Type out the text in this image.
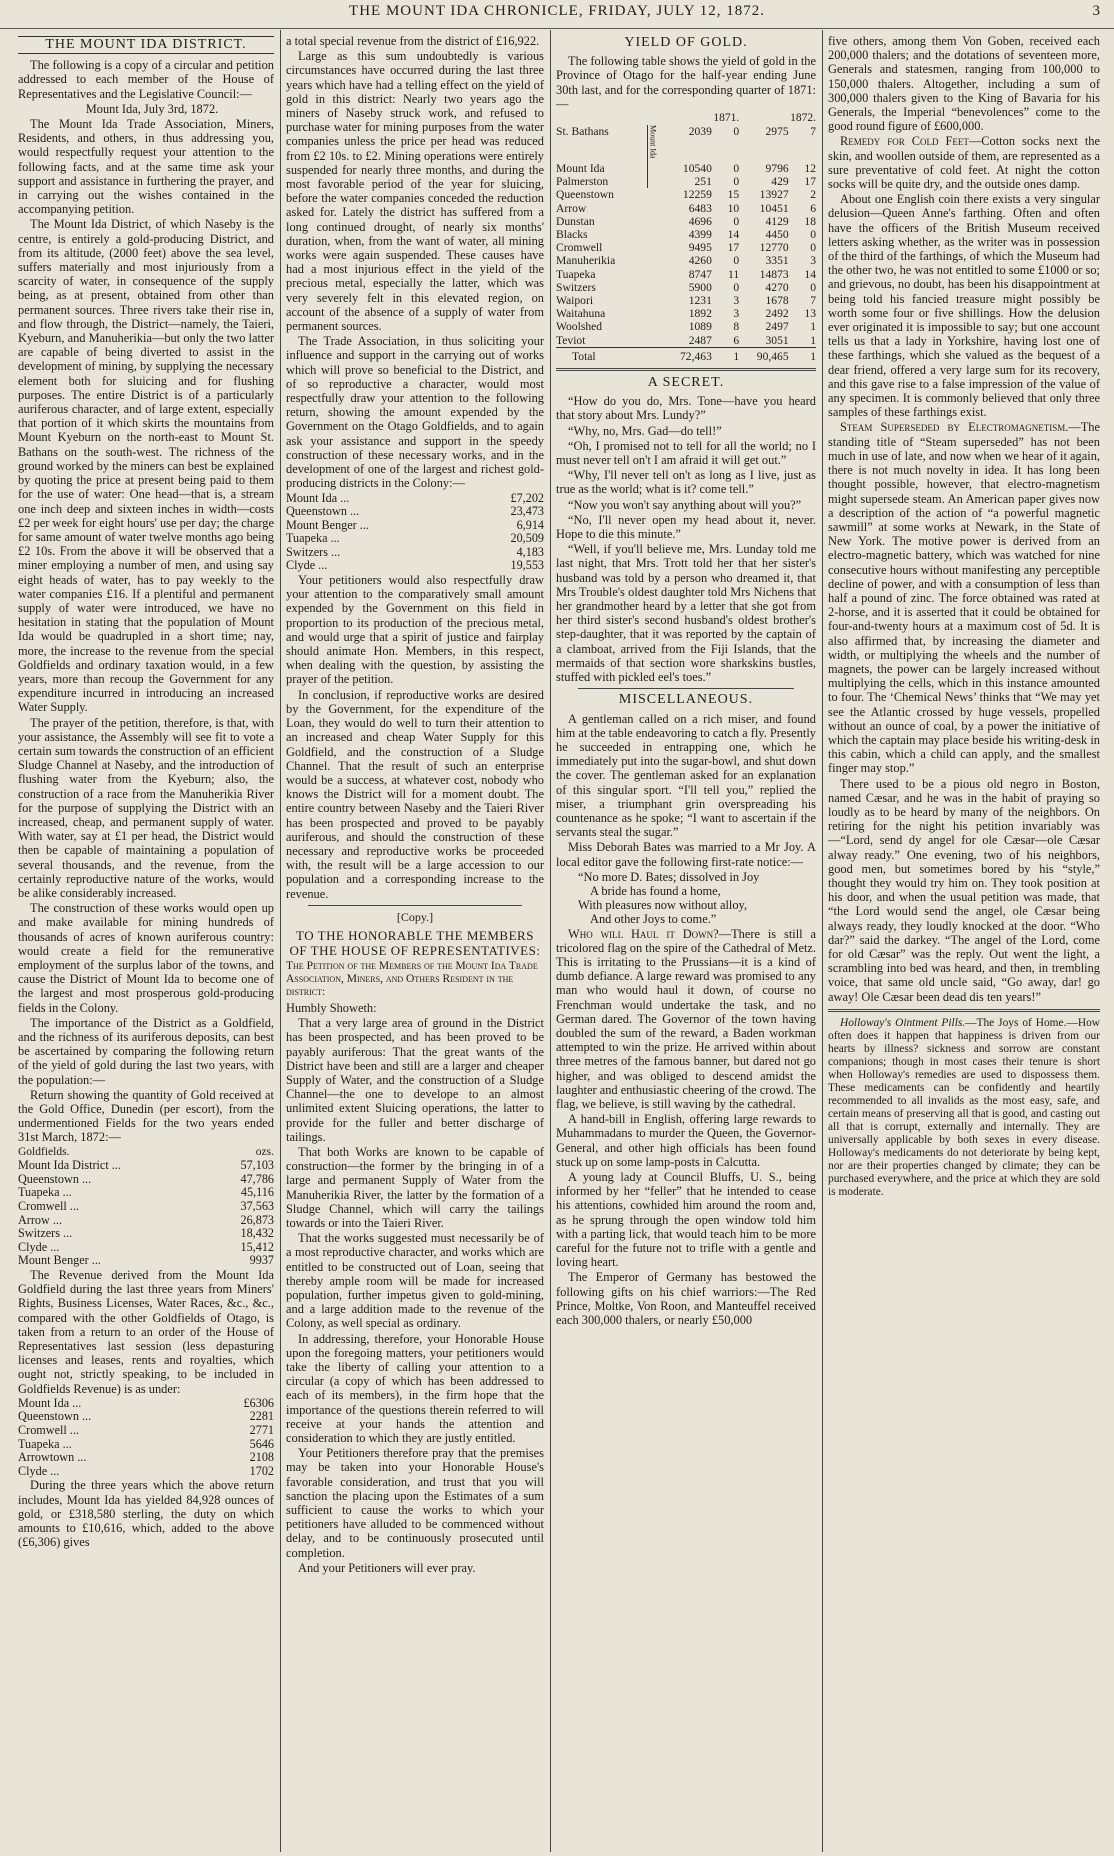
THE MOUNT IDA CHRONICLE, FRIDAY, JULY 12, 1872.	3
THE MOUNT IDA DISTRICT.

The following is a copy of a circular and petition addressed to each member of the House of Representatives and the Legislative Council:—

Mount Ida, July 3rd, 1872.

The Mount Ida Trade Association, Miners, Residents, and others, in thus addressing you, would respectfully request your attention to the following facts, and at the same time ask your support and assistance in furthering the prayer, and in carrying out the wishes contained in the accompanying petition.

The Mount Ida District, of which Naseby is the centre, is entirely a gold-producing District, and from its altitude, (2000 feet) above the sea level, suffers materially and most injuriously from a scarcity of water, in consequence of the supply being, as at present, obtained from other than permanent sources. Three rivers take their rise in, and flow through, the District—namely, the Taieri, Kyeburn, and Manuherikia—but only the two latter are capable of being diverted to assist in the development of mining, by supplying the necessary element both for sluicing and for flushing purposes. The entire District is of a particularly auriferous character, and of large extent, especially that portion of it which skirts the mountains from Mount Kyeburn on the north-east to Mount St. Bathans on the south-west. The richness of the ground worked by the miners can best be explained by quoting the price at present being paid to them for the use of water: One head—that is, a stream one inch deep and sixteen inches in width—costs £2 per week for eight hours' use per day; the charge for same amount of water twelve months ago being £2 10s. From the above it will be observed that a miner employing a number of men, and using say eight heads of water, has to pay weekly to the water companies £16. If a plentiful and permanent supply of water were introduced, we have no hesitation in stating that the population of Mount Ida would be quadrupled in a short time; nay, more, the increase to the revenue from the special Goldfields and ordinary taxation would, in a few years, more than recoup the Government for any expenditure incurred in introducing an increased Water Supply.

The prayer of the petition, therefore, is that, with your assistance, the Assembly will see fit to vote a certain sum towards the construction of an efficient Sludge Channel at Naseby, and the introduction of flushing water from the Kyeburn; also, the construction of a race from the Manuherikia River for the purpose of supplying the District with an increased, cheap, and permanent supply of water. With water, say at £1 per head, the District would then be capable of maintaining a population of several thousands, and the revenue, from the certainly reproductive nature of the works, would be alike considerably increased.

The construction of these works would open up and make available for mining hundreds of thousands of acres of known auriferous country: would create a field for the remunerative employment of the surplus labor of the towns, and cause the District of Mount Ida to become one of the largest and most prosperous gold-producing fields in the Colony.

The importance of the District as a Goldfield, and the richness of its auriferous deposits, can best be ascertained by comparing the following return of the yield of gold during the last two years, with the population:—

Return showing the quantity of Gold received at the Gold Office, Dunedin (per escort), from the undermentioned Fields for the two years ended 31st March, 1872:—

Goldfields.	ozs.
Mount Ida District ...	57,103
Queenstown ...	47,786
Tuapeka ...	45,116
Cromwell ...	37,563
Arrow ...	26,873
Switzers ...	18,432
Clyde ...	15,412
Mount Benger ...	9937

The Revenue derived from the Mount Ida Goldfield during the last three years from Miners' Rights, Business Licenses, Water Races, &c., &c., compared with the other Goldfields of Otago, is taken from a return to an order of the House of Representatives last session (less depasturing licenses and leases, rents and royalties, which ought not, strictly speaking, to be included in Goldfields Revenue) is as under:

Mount Ida ...	£6306
Queenstown ...	2281
Cromwell ...	2771
Tuapeka ...	5646
Arrowtown ...	2108
Clyde ...	1702

During the three years which the above return includes, Mount Ida has yielded 84,928 ounces of gold, or £318,580 sterling, the duty on which amounts to £10,616, which, added to the above (£6,306) gives

a total special revenue from the district of £16,922.

Large as this sum undoubtedly is various circumstances have occurred during the last three years which have had a telling effect on the yield of gold in this district: Nearly two years ago the miners of Naseby struck work, and refused to purchase water for mining purposes from the water companies unless the price per head was reduced from £2 10s. to £2. Mining operations were entirely suspended for nearly three months, and during the most favorable period of the year for sluicing, before the water companies conceded the reduction asked for. Lately the district has suffered from a long continued drought, of nearly six months' duration, when, from the want of water, all mining works were again suspended. These causes have had a most injurious effect in the yield of the precious metal, especially the latter, which was very severely felt in this elevated region, on account of the absence of a supply of water from permanent sources.

The Trade Association, in thus soliciting your influence and support in the carrying out of works which will prove so beneficial to the District, and of so reproductive a character, would most respectfully draw your attention to the following return, showing the amount expended by the Government on the Otago Goldfields, and to again ask your assistance and support in the speedy construction of these necessary works, and in the development of one of the largest and richest gold-producing districts in the Colony:—

Mount Ida ...	£7,202
Queenstown ...	23,473
Mount Benger ...	6,914
Tuapeka ...	20,509
Switzers ...	4,183
Clyde ...	19,553

Your petitioners would also respectfully draw your attention to the comparatively small amount expended by the Government on this field in proportion to its production of the precious metal, and would urge that a spirit of justice and fairplay should animate Hon. Members, in this respect, when dealing with the question, by assisting the prayer of the petition.

In conclusion, if reproductive works are desired by the Government, for the expenditure of the Loan, they would do well to turn their attention to an increased and cheap Water Supply for this Goldfield, and the construction of a Sludge Channel. That the result of such an enterprise would be a success, at whatever cost, nobody who knows the District will for a moment doubt. The entire country between Naseby and the Taieri River has been prospected and proved to be payably auriferous, and should the construction of these necessary and reproductive works be proceeded with, the result will be a large accession to our population and a corresponding increase to the revenue.

[Copy.]
TO THE HONORABLE THE MEMBERS OF THE HOUSE OF REPRESENTATIVES:
The Petition of the Members of the Mount Ida Trade Association, Miners, and Others Resident in the district:

Humbly Showeth:

That a very large area of ground in the District has been prospected, and has been proved to be payably auriferous: That the great wants of the District have been and still are a larger and cheaper Supply of Water, and the construction of a Sludge Channel—the one to develope to an almost unlimited extent Sluicing operations, the latter to provide for the fuller and better discharge of tailings.

That both Works are known to be capable of construction—the former by the bringing in of a large and permanent Supply of Water from the Manuherikia River, the latter by the formation of a Sludge Channel, which will carry the tailings towards or into the Taieri River.

That the works suggested must necessarily be of a most reproductive character, and works which are entitled to be constructed out of Loan, seeing that thereby ample room will be made for increased population, further impetus given to gold-mining, and a large addition made to the revenue of the Colony, as well special as ordinary.

In addressing, therefore, your Honorable House upon the foregoing matters, your petitioners would take the liberty of calling your attention to a circular (a copy of which has been addressed to each of its members), in the firm hope that the importance of the questions therein referred to will receive at your hands the attention and consideration to which they are justly entitled.

Your Petitioners therefore pray that the premises may be taken into your Honorable House's favorable consideration, and trust that you will sanction the placing upon the Estimates of a sum sufficient to cause the works to which your petitioners have alluded to be commenced without delay, and to be continuously prosecuted until completion.

And your Petitioners will ever pray.

YIELD OF GOLD.

The following table shows the yield of gold in the Province of Otago for the half-year ending June 30th last, and for the corresponding quarter of 1871:—

		1871.		1872.	
St. Bathans	Mount Ida	2039	0	2975	7
Mount Ida		10540	0	9796	12
Palmerston		251	0	429	17
Queenstown		12259	15	13927	2
Arrow		6483	10	10451	6
Dunstan		4696	0	4129	18
Blacks		4399	14	4450	0
Cromwell		9495	17	12770	0
Manuherikia		4260	0	3351	3
Tuapeka		8747	11	14873	14
Switzers		5900	0	4270	0
Waipori		1231	3	1678	7
Waitahuna		1892	3	2492	13
Woolshed		1089	8	2497	1
Teviot		2487	6	3051	1
Total		72,463	1	90,465	1
A SECRET.

“How do you do, Mrs. Tone—have you heard that story about Mrs. Lundy?”

“Why, no, Mrs. Gad—do tell!”

“Oh, I promised not to tell for all the world; no I must never tell on't I am afraid it will get out.”

“Why, I'll never tell on't as long as I live, just as true as the world; what is it? come tell.”

“Now you won't say anything about will you?”

“No, I'll never open my head about it, never. Hope to die this minute.”

“Well, if you'll believe me, Mrs. Lunday told me last night, that Mrs. Trott told her that her sister's husband was told by a person who dreamed it, that Mrs Trouble's oldest daughter told Mrs Nichens that her grandmother heard by a letter that she got from her third sister's second husband's oldest brother's step-daughter, that it was reported by the captain of a clamboat, arrived from the Fiji Islands, that the mermaids of that section wore sharkskins bustles, stuffed with pickled eel's toes.”

MISCELLANEOUS.

A gentleman called on a rich miser, and found him at the table endeavoring to catch a fly. Presently he succeeded in entrapping one, which he immediately put into the sugar-bowl, and shut down the cover. The gentleman asked for an explanation of this singular sport. “I'll tell you,” replied the miser, a triumphant grin overspreading his countenance as he spoke; “I want to ascertain if the servants steal the sugar.”

Miss Deborah Bates was married to a Mr Joy. A local editor gave the following first-rate notice:—

“No more D. Bates; dissolved in Joy
A bride has found a home,
With pleasures now without alloy,
And other Joys to come.”

Who will Haul it Down?—There is still a tricolored flag on the spire of the Cathedral of Metz. This is irritating to the Prussians—it is a kind of dumb defiance. A large reward was promised to any man who would haul it down, of course no Frenchman would undertake the task, and no German dared. The Governor of the town having doubled the sum of the reward, a Baden workman attempted to win the prize. He arrived within about three metres of the famous banner, but dared not go higher, and was obliged to descend amidst the laughter and enthusiastic cheering of the crowd. The flag, we believe, is still waving by the cathedral.

A hand-bill in English, offering large rewards to Muhammadans to murder the Queen, the Governor-General, and other high officials has been found stuck up on some lamp-posts in Calcutta.

A young lady at Council Bluffs, U. S., being informed by her “feller” that he intended to cease his attentions, cowhided him around the room and, as he sprung through the open window told him with a parting lick, that would teach him to be more careful for the future not to trifle with a gentle and loving heart.

The Emperor of Germany has bestowed the following gifts on his chief warriors:—The Red Prince, Moltke, Von Roon, and Manteuffel received each 300,000 thalers, or nearly £50,000

five others, among them Von Goben, received each 200,000 thalers; and the dotations of seventeen more, Generals and statesmen, ranging from 100,000 to 150,000 thalers. Altogether, including a sum of 300,000 thalers given to the King of Bavaria for his Generals, the Imperial “benevolences” come to the good round figure of £600,000.

Remedy for Cold Feet—Cotton socks next the skin, and woollen outside of them, are represented as a sure preventative of cold feet. At night the cotton socks will be quite dry, and the outside ones damp.

About one English coin there exists a very singular delusion—Queen Anne's farthing. Often and often have the officers of the British Museum received letters asking whether, as the writer was in possession of the third of the farthings, of which the Museum had the other two, he was not entitled to some £1000 or so; and grievous, no doubt, has been his disappointment at being told his fancied treasure might possibly be worth some four or five shillings. How the delusion ever originated it is impossible to say; but one account tells us that a lady in Yorkshire, having lost one of these farthings, which she valued as the bequest of a dear friend, offered a very large sum for its recovery, and this gave rise to a false impression of the value of any specimen. It is commonly believed that only three samples of these farthings exist.

Steam Superseded by Electromagnetism.—The standing title of “Steam superseded” has not been much in use of late, and now when we hear of it again, there is not much novelty in idea. It has long been thought possible, however, that electro-magnetism might supersede steam. An American paper gives now a description of the action of “a powerful magnetic sawmill” at some works at Newark, in the State of New York. The motive power is derived from an electro-magnetic battery, which was watched for nine consecutive hours without manifesting any perceptible decline of power, and with a consumption of less than half a pound of zinc. The force obtained was rated at 2-horse, and it is asserted that it could be obtained for four-and-twenty hours at a maximum cost of 5d. It is also affirmed that, by increasing the diameter and width, or multiplying the wheels and the number of magnets, the power can be largely increased without multiplying the cells, which in this instance amounted to four. The ‘Chemical News’ thinks that “We may yet see the Atlantic crossed by huge vessels, propelled without an ounce of coal, by a power the initiative of which the captain may place beside his writing-desk in this cabin, which a child can apply, and the smallest finger may stop.”

There used to be a pious old negro in Boston, named Cæsar, and he was in the habit of praying so loudly as to be heard by many of the neighbors. On retiring for the night his petition invariably was—“Lord, send dy angel for ole Cæsar—ole Cæsar alway ready.” One evening, two of his neighbors, good men, but sometimes bored by his “style,” thought they would try him on. They took position at his door, and when the usual petition was made, that “the Lord would send the angel, ole Cæsar being always ready, they loudly knocked at the door. “Who dar?” said the darkey. “The angel of the Lord, come for old Cæsar” was the reply. Out went the light, a scrambling into bed was heard, and then, in trembling voice, that same old uncle said, “Go away, dar! go away! Ole Cæsar been dead dis ten years!”

Holloway's Ointment Pills.—The Joys of Home.—How often does it happen that happiness is driven from our hearts by illness? sickness and sorrow are constant companions; though in most cases their tenure is short when Holloway's remedies are used to dispossess them. These medicaments can be confidently and heartily recommended to all invalids as the most easy, safe, and certain means of preserving all that is good, and casting out all that is corrupt, externally and internally. They are universally applicable by both sexes in every disease. Holloway's medicaments do not deteriorate by being kept, nor are their properties changed by climate; they can be purchased everywhere, and the price at which they are sold is moderate.
